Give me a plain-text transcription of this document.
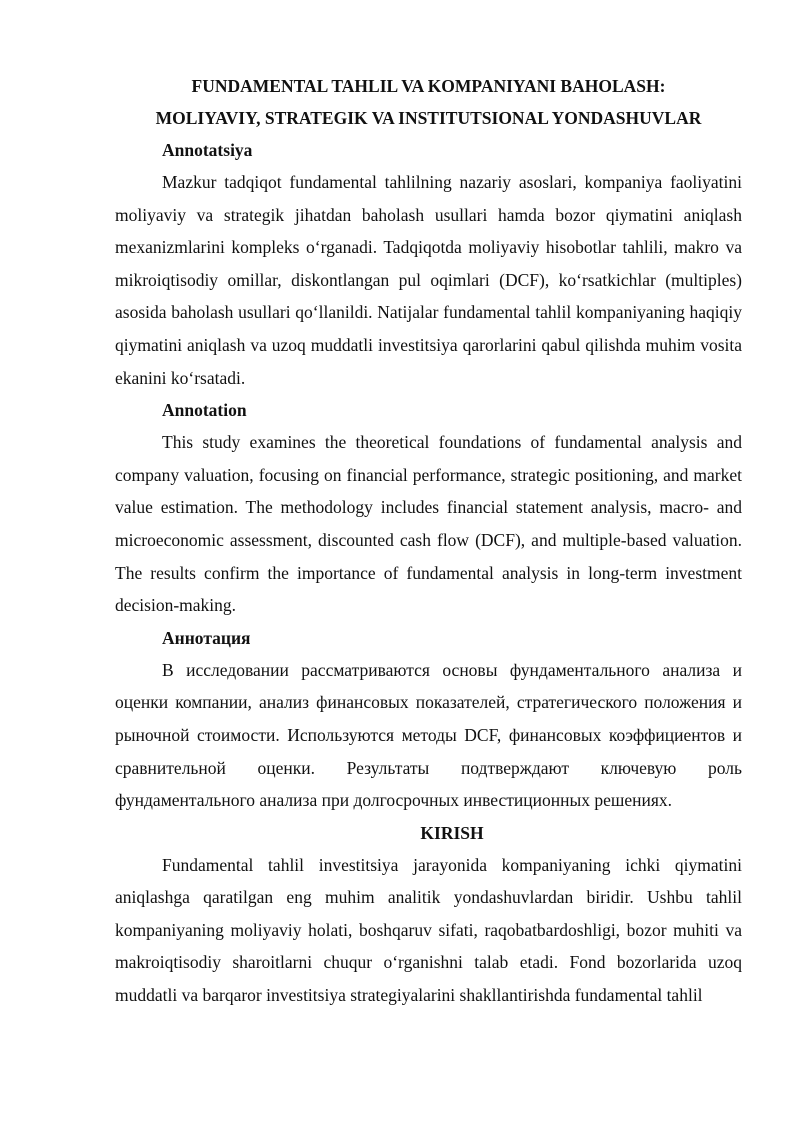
FUNDAMENTAL TAHLIL VA KOMPANIYANI BAHOLASH:

MOLIYAVIY, STRATEGIK VA INSTITUTSIONAL YONDASHUVLAR

Annotatsiya

Mazkur tadqiqot fundamental tahlilning nazariy asoslari, kompaniya faoliyatini moliyaviy va strategik jihatdan baholash usullari hamda bozor qiymatini aniqlash mexanizmlarini kompleks o‘rganadi. Tadqiqotda moliyaviy hisobotlar tahlili, makro va mikroiqtisodiy omillar, diskontlangan pul oqimlari (DCF), ko‘rsatkichlar (multiples) asosida baholash usullari qo‘llanildi. Natijalar fundamental tahlil kompaniyaning haqiqiy qiymatini aniqlash va uzoq muddatli investitsiya qarorlarini qabul qilishda muhim vosita ekanini ko‘rsatadi.

Annotation

This study examines the theoretical foundations of fundamental analysis and company valuation, focusing on financial performance, strategic positioning, and market value estimation. The methodology includes financial statement analysis, macro- and microeconomic assessment, discounted cash flow (DCF), and multiple-based valuation. The results confirm the importance of fundamental analysis in long-term investment decision-making.

Аннотация

В исследовании рассматриваются основы фундаментального анализа и оценки компании, анализ финансовых показателей, стратегического положения и рыночной стоимости. Используются методы DCF, финансовых коэффициентов и сравнительной оценки. Результаты подтверждают ключевую роль фундаментального анализа при долгосрочных инвестиционных решениях.

KIRISH

Fundamental tahlil investitsiya jarayonida kompaniyaning ichki qiymatini aniqlashga qaratilgan eng muhim analitik yondashuvlardan biridir. Ushbu tahlil kompaniyaning moliyaviy holati, boshqaruv sifati, raqobatbardoshligi, bozor muhiti va makroiqtisodiy sharoitlarni chuqur o‘rganishni talab etadi. Fond bozorlarida uzoq muddatli va barqaror investitsiya strategiyalarini shakllantirishda fundamental tahlil
